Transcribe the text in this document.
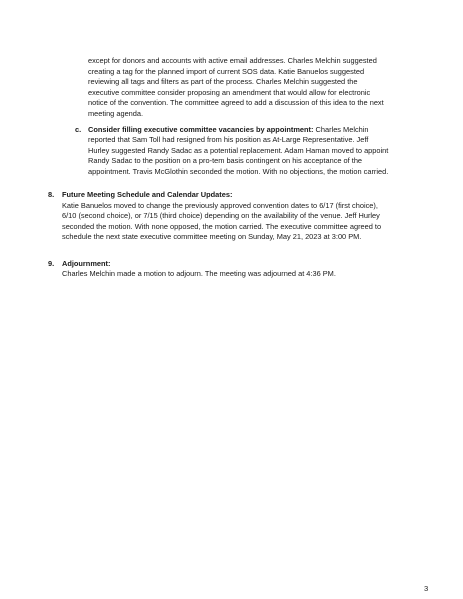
except for donors and accounts with active email addresses. Charles Melchin suggested
creating a tag for the planned import of current SOS data. Katie Banuelos suggested
reviewing all tags and filters as part of the process. Charles Melchin suggested the
executive committee consider proposing an amendment that would allow for electronic
notice of the convention. The committee agreed to add a discussion of this idea to the next
meeting agenda.
c. Consider filling executive committee vacancies by appointment: Charles Melchin
reported that Sam Toll had resigned from his position as At-Large Representative. Jeff
Hurley suggested Randy Sadac as a potential replacement. Adam Haman moved to appoint
Randy Sadac to the position on a pro-tem basis contingent on his acceptance of the
appointment. Travis McGlothin seconded the motion. With no objections, the motion carried.
8. Future Meeting Schedule and Calendar Updates:
Katie Banuelos moved to change the previously approved convention dates to 6/17 (first choice),
6/10 (second choice), or 7/15 (third choice) depending on the availability of the venue. Jeff Hurley
seconded the motion. With none opposed, the motion carried. The executive committee agreed to
schedule the next state executive committee meeting on Sunday, May 21, 2023 at 3:00 PM.
9. Adjournment:
Charles Melchin made a motion to adjourn. The meeting was adjourned at 4:36 PM.
3
